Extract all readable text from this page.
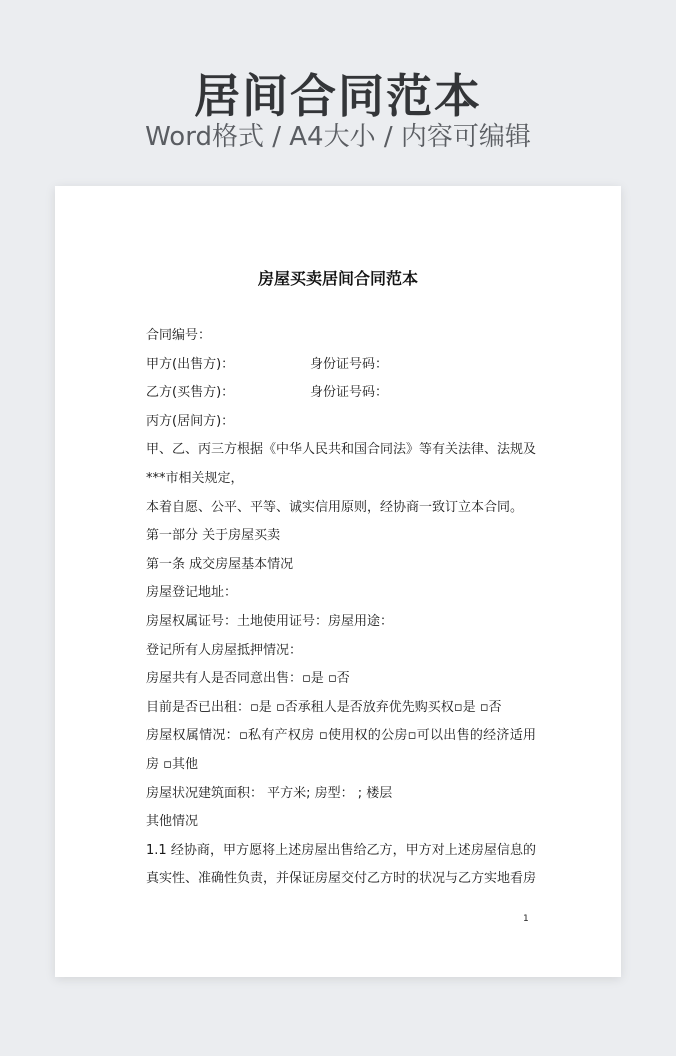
居间合同范本
Word格式 / A4大小 / 内容可编辑
房屋买卖居间合同范本
合同编号：
甲方(出售方)：	身份证号码：
乙方(买售方)：	身份证号码：
丙方(居间方)：
甲、乙、丙三方根据《中华人民共和国合同法》等有关法律、法规及
***市相关规定，
本着自愿、公平、平等、诚实信用原则，经协商一致订立本合同。
第一部分 关于房屋买卖
第一条 成交房屋基本情况
房屋登记地址：
房屋权属证号：土地使用证号：房屋用途：
登记所有人房屋抵押情况：
房屋共有人是否同意出售：▫是 ▫否
目前是否已出租：▫是 ▫否承租人是否放弃优先购买权▫是 ▫否
房屋权属情况：▫私有产权房 ▫使用权的公房▫可以出售的经济适用
房 ▫其他
房屋状况建筑面积： 平方米; 房型： ; 楼层
其他情况
1.1 经协商，甲方愿将上述房屋出售给乙方，甲方对上述房屋信息的
真实性、准确性负责，并保证房屋交付乙方时的状况与乙方实地看房
1
